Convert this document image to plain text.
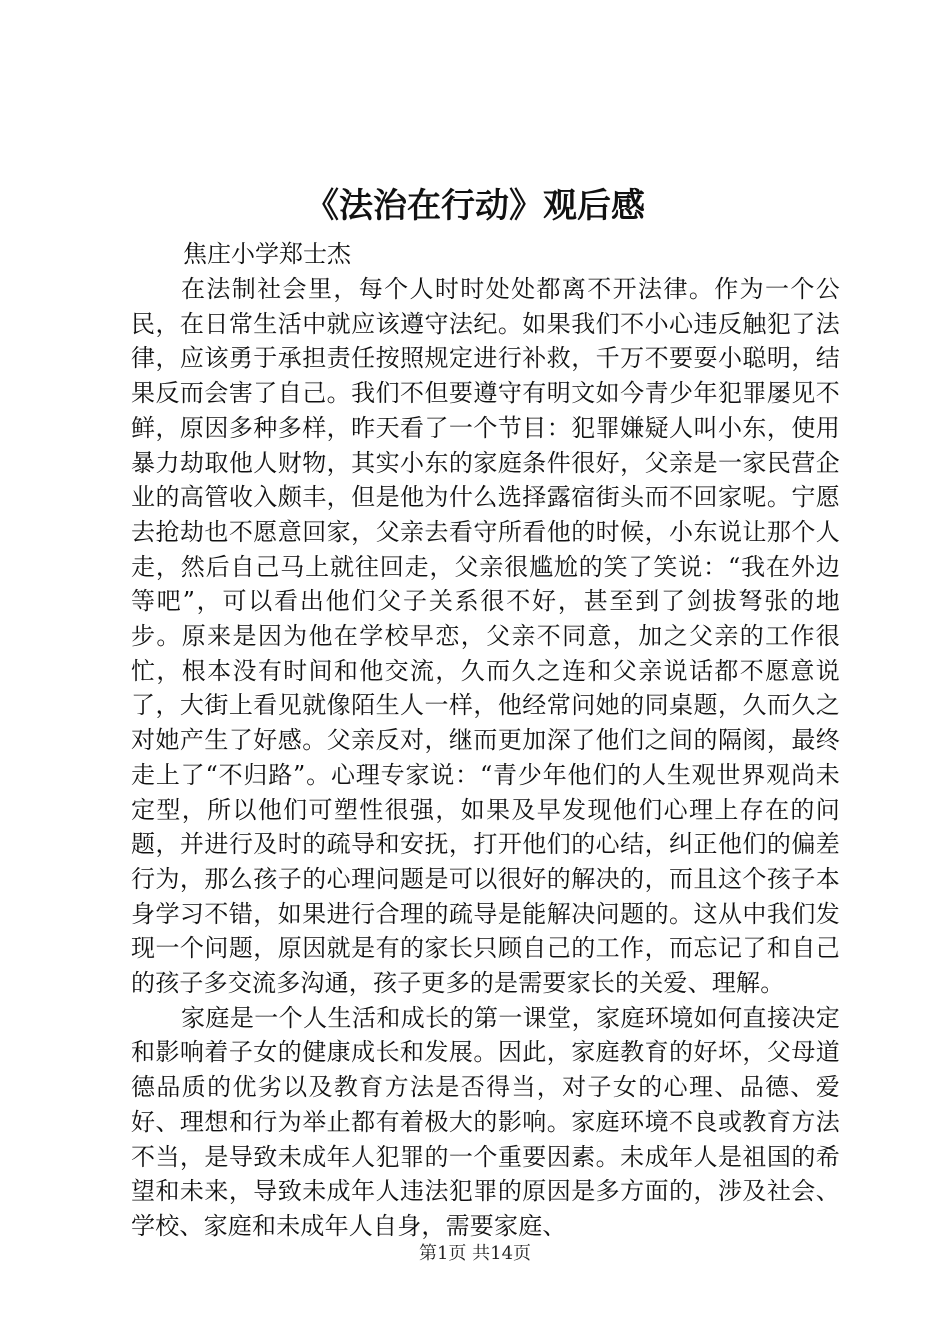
《法治在行动》观后感
焦庄小学郑士杰

在法制社会里，每个人时时处处都离不开法律。作为一个公民，在日常生活中就应该遵守法纪。如果我们不小心违反触犯了法律，应该勇于承担责任按照规定进行补救，千万不要耍小聪明，结果反而会害了自己。我们不但要遵守有明文如今青少年犯罪屡见不鲜，原因多种多样，昨天看了一个节目：犯罪嫌疑人叫小东，使用暴力劫取他人财物，其实小东的家庭条件很好，父亲是一家民营企业的高管收入颇丰，但是他为什么选择露宿街头而不回家呢。宁愿去抢劫也不愿意回家，父亲去看守所看他的时候，小东说让那个人走，然后自己马上就往回走，父亲很尴尬的笑了笑说：“我在外边等吧”，可以看出他们父子关系很不好，甚至到了剑拔弩张的地步。原来是因为他在学校早恋，父亲不同意，加之父亲的工作很忙，根本没有时间和他交流，久而久之连和父亲说话都不愿意说了，大街上看见就像陌生人一样，他经常问她的同桌题，久而久之对她产生了好感。父亲反对，继而更加深了他们之间的隔阂，最终走上了“不归路”。心理专家说：“青少年他们的人生观世界观尚未定型，所以他们可塑性很强，如果及早发现他们心理上存在的问题，并进行及时的疏导和安抚，打开他们的心结，纠正他们的偏差行为，那么孩子的心理问题是可以很好的解决的，而且这个孩子本身学习不错，如果进行合理的疏导是能解决问题的。这从中我们发现一个问题，原因就是有的家长只顾自己的工作，而忘记了和自己的孩子多交流多沟通，孩子更多的是需要家长的关爱、理解。

家庭是一个人生活和成长的第一课堂，家庭环境如何直接决定和影响着子女的健康成长和发展。因此，家庭教育的好坏，父母道德品质的优劣以及教育方法是否得当，对子女的心理、品德、爱好、理想和行为举止都有着极大的影响。家庭环境不良或教育方法不当，是导致未成年人犯罪的一个重要因素。未成年人是祖国的希望和未来，导致未成年人违法犯罪的原因是多方面的，涉及社会、学校、家庭和未成年人自身，需要家庭、

第1页 共14页
